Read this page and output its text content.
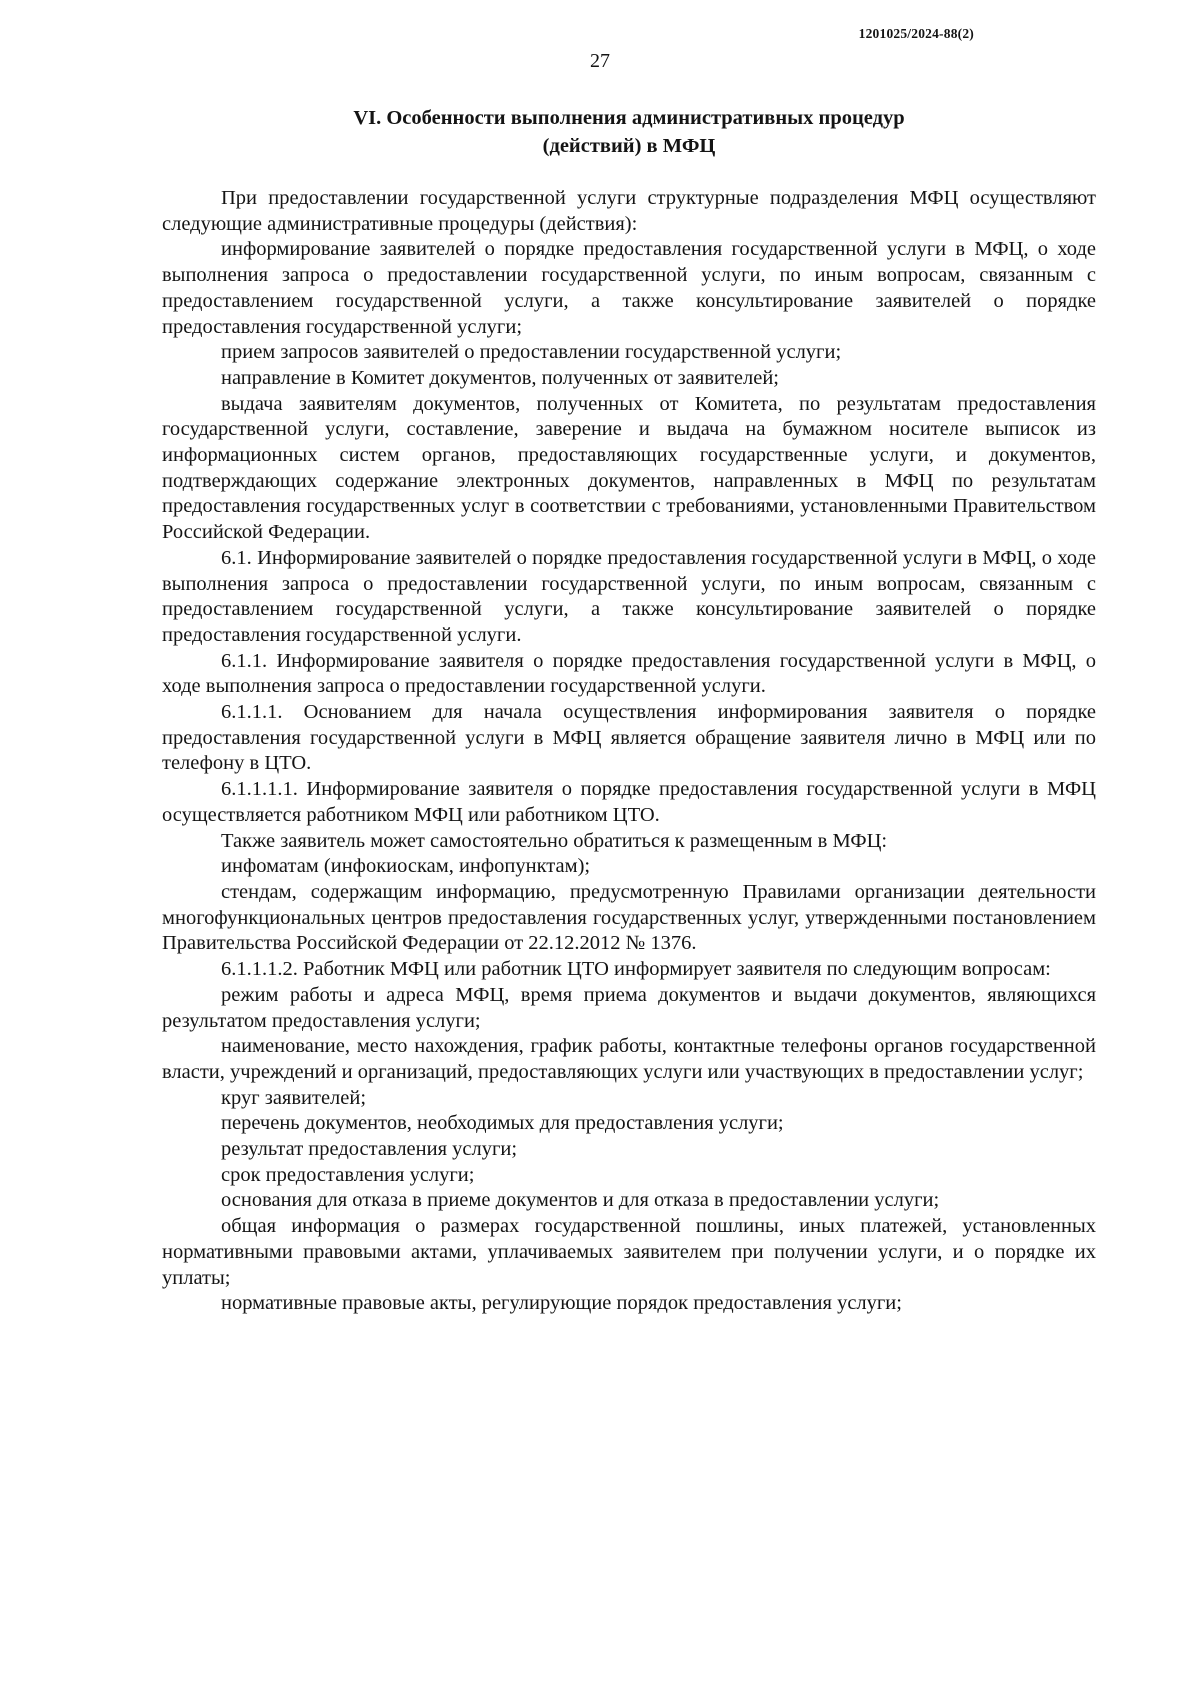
1201025/2024-88(2)
27
VI. Особенности выполнения административных процедур
(действий) в МФЦ

При предоставлении государственной услуги структурные подразделения МФЦ осуществляют следующие административные процедуры (действия):

информирование заявителей о порядке предоставления государственной услуги в МФЦ, о ходе выполнения запроса о предоставлении государственной услуги, по иным вопросам, связанным с предоставлением государственной услуги, а также консультирование заявителей о порядке предоставления государственной услуги;

прием запросов заявителей о предоставлении государственной услуги;

направление в Комитет документов, полученных от заявителей;

выдача заявителям документов, полученных от Комитета, по результатам предоставления государственной услуги, составление, заверение и выдача на бумажном носителе выписок из информационных систем органов, предоставляющих государственные услуги, и документов, подтверждающих содержание электронных документов, направленных в МФЦ по результатам предоставления государственных услуг в соответствии с требованиями, установленными Правительством Российской Федерации.

6.1. Информирование заявителей о порядке предоставления государственной услуги в МФЦ, о ходе выполнения запроса о предоставлении государственной услуги, по иным вопросам, связанным с предоставлением государственной услуги, а также консультирование заявителей о порядке предоставления государственной услуги.

6.1.1. Информирование заявителя о порядке предоставления государственной услуги в МФЦ, о ходе выполнения запроса о предоставлении государственной услуги.

6.1.1.1. Основанием для начала осуществления информирования заявителя о порядке предоставления государственной услуги в МФЦ является обращение заявителя лично в МФЦ или по телефону в ЦТО.

6.1.1.1.1. Информирование заявителя о порядке предоставления государственной услуги в МФЦ осуществляется работником МФЦ или работником ЦТО.

Также заявитель может самостоятельно обратиться к размещенным в МФЦ:

инфоматам (инфокиоскам, инфопунктам);

стендам, содержащим информацию, предусмотренную Правилами организации деятельности многофункциональных центров предоставления государственных услуг, утвержденными постановлением Правительства Российской Федерации от 22.12.2012 № 1376.

6.1.1.1.2. Работник МФЦ или работник ЦТО информирует заявителя по следующим вопросам:

режим работы и адреса МФЦ, время приема документов и выдачи документов, являющихся результатом предоставления услуги;

наименование, место нахождения, график работы, контактные телефоны органов государственной власти, учреждений и организаций, предоставляющих услуги или участвующих в предоставлении услуг;

круг заявителей;

перечень документов, необходимых для предоставления услуги;

результат предоставления услуги;

срок предоставления услуги;

основания для отказа в приеме документов и для отказа в предоставлении услуги;

общая информация о размерах государственной пошлины, иных платежей, установленных нормативными правовыми актами, уплачиваемых заявителем при получении услуги, и о порядке их уплаты;

нормативные правовые акты, регулирующие порядок предоставления услуги;
